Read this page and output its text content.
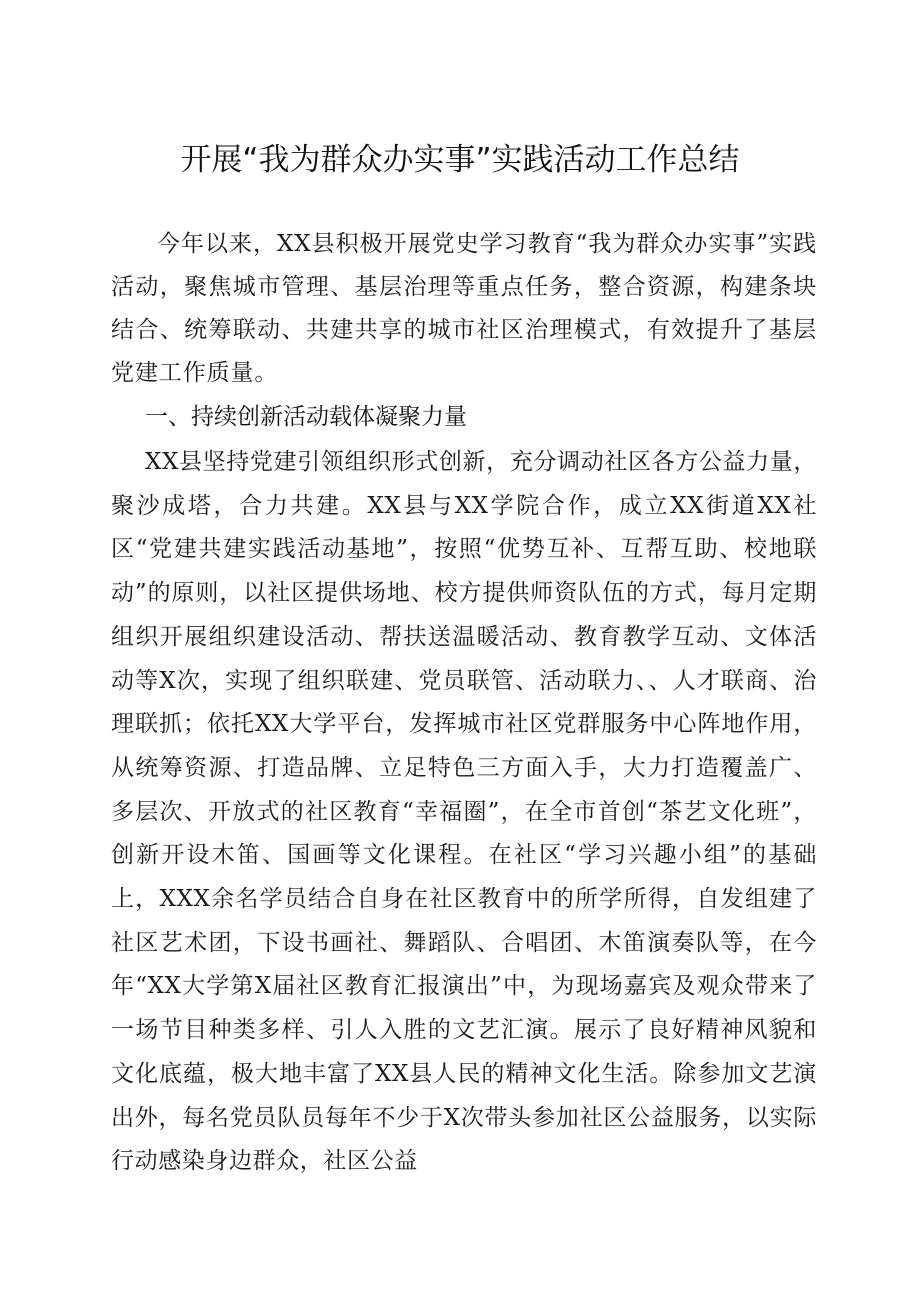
开展“我为群众办实事”实践活动工作总结

今年以来，XX县积极开展党史学习教育“我为群众办实事”实践活动，聚焦城市管理、基层治理等重点任务，整合资源，构建条块结合、统筹联动、共建共享的城市社区治理模式，有效提升了基层党建工作质量。

一、持续创新活动载体凝聚力量

XX县坚持党建引领组织形式创新，充分调动社区各方公益力量，聚沙成塔，合力共建。XX县与XX学院合作，成立XX街道XX社区“党建共建实践活动基地”，按照“优势互补、互帮互助、校地联动”的原则，以社区提供场地、校方提供师资队伍的方式，每月定期组织开展组织建设活动、帮扶送温暖活动、教育教学互动、文体活动等X次，实现了组织联建、党员联管、活动联力、、人才联商、治理联抓；依托XX大学平台，发挥城市社区党群服务中心阵地作用，从统筹资源、打造品牌、立足特色三方面入手，大力打造覆盖广、多层次、开放式的社区教育“幸福圈”，在全市首创“茶艺文化班”，创新开设木笛、国画等文化课程。在社区“学习兴趣小组”的基础上，XXX余名学员结合自身在社区教育中的所学所得，自发组建了社区艺术团，下设书画社、舞蹈队、合唱团、木笛演奏队等，在今年“XX大学第X届社区教育汇报演出”中，为现场嘉宾及观众带来了一场节目种类多样、引人入胜的文艺汇演。展示了良好精神风貌和文化底蕴，极大地丰富了XX县人民的精神文化生活。除参加文艺演出外，每名党员队员每年不少于X次带头参加社区公益服务，以实际行动感染身边群众，社区公益
